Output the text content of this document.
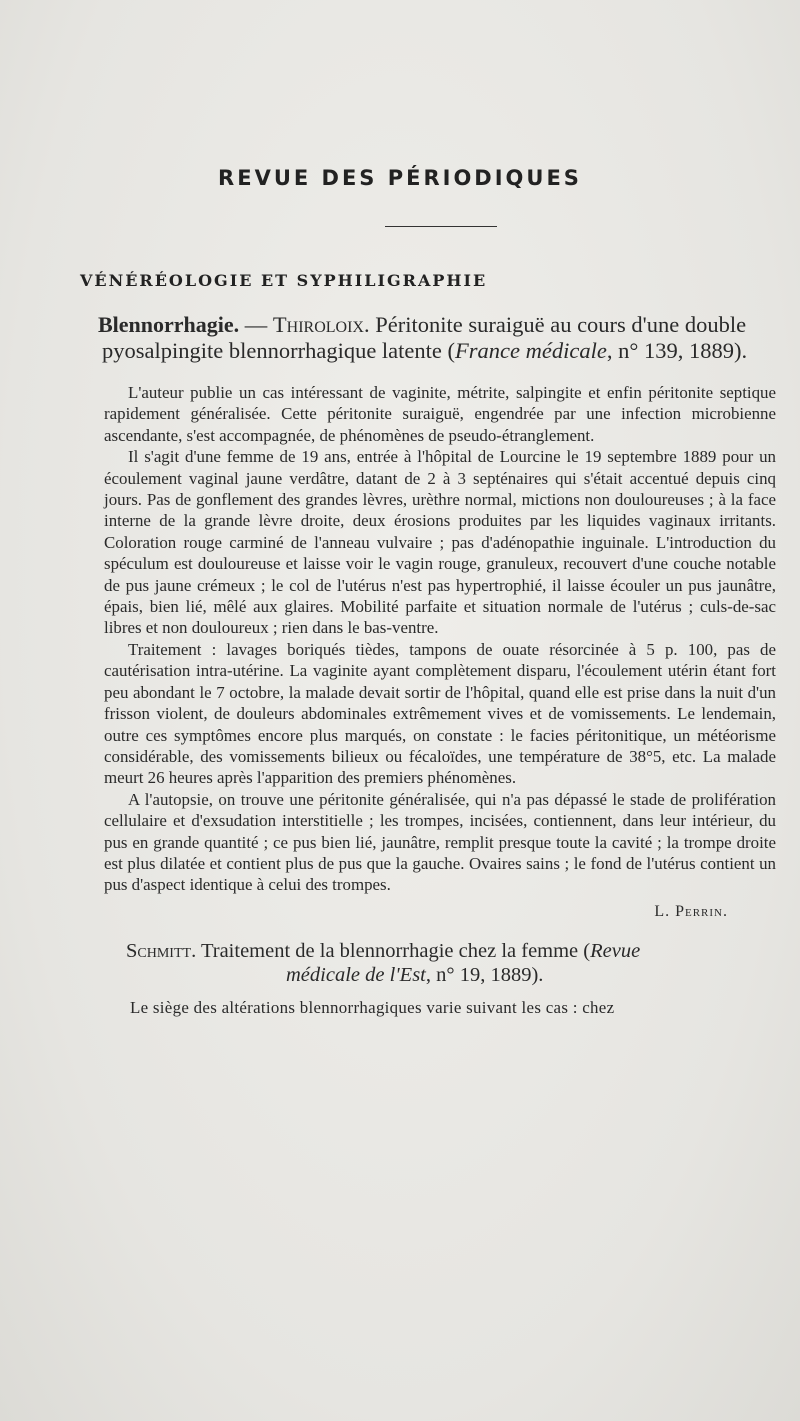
REVUE DES PÉRIODIQUES
VÉNÉRÉOLOGIE ET SYPHILIGRAPHIE
Blennorrhagie. — Thiroloix. Péritonite suraiguë au cours d'une double pyosalpingite blennorrhagique latente (France médicale, n° 139, 1889).

L'auteur publie un cas intéressant de vaginite, métrite, salpingite et enfin péritonite septique rapidement généralisée. Cette péritonite suraiguë, engendrée par une infection microbienne ascendante, s'est accompagnée, de phénomènes de pseudo-étranglement.

Il s'agit d'une femme de 19 ans, entrée à l'hôpital de Lourcine le 19 septembre 1889 pour un écoulement vaginal jaune verdâtre, datant de 2 à 3 septénaires qui s'était accentué depuis cinq jours. Pas de gonflement des grandes lèvres, urèthre normal, mictions non douloureuses ; à la face interne de la grande lèvre droite, deux érosions produites par les liquides vaginaux irritants. Coloration rouge carminé de l'anneau vulvaire ; pas d'adénopathie inguinale. L'introduction du spéculum est douloureuse et laisse voir le vagin rouge, granuleux, recouvert d'une couche notable de pus jaune crémeux ; le col de l'utérus n'est pas hypertrophié, il laisse écouler un pus jaunâtre, épais, bien lié, mêlé aux glaires. Mobilité parfaite et situation normale de l'utérus ; culs-de-sac libres et non douloureux ; rien dans le bas-ventre.

Traitement : lavages boriqués tièdes, tampons de ouate résorcinée à 5 p. 100, pas de cautérisation intra-utérine. La vaginite ayant complètement disparu, l'écoulement utérin étant fort peu abondant le 7 octobre, la malade devait sortir de l'hôpital, quand elle est prise dans la nuit d'un frisson violent, de douleurs abdominales extrêmement vives et de vomissements. Le lendemain, outre ces symptômes encore plus marqués, on constate : le facies péritonitique, un météorisme considérable, des vomissements bilieux ou fécaloïdes, une température de 38°5, etc. La malade meurt 26 heures après l'apparition des premiers phénomènes.

A l'autopsie, on trouve une péritonite généralisée, qui n'a pas dépassé le stade de prolifération cellulaire et d'exsudation interstitielle ; les trompes, incisées, contiennent, dans leur intérieur, du pus en grande quantité ; ce pus bien lié, jaunâtre, remplit presque toute la cavité ; la trompe droite est plus dilatée et contient plus de pus que la gauche. Ovaires sains ; le fond de l'utérus contient un pus d'aspect identique à celui des trompes.

L. Perrin.
Schmitt. Traitement de la blennorrhagie chez la femme (Revue
médicale de l'Est, n° 19, 1889).
Le siège des altérations blennorrhagiques varie suivant les cas : chez
